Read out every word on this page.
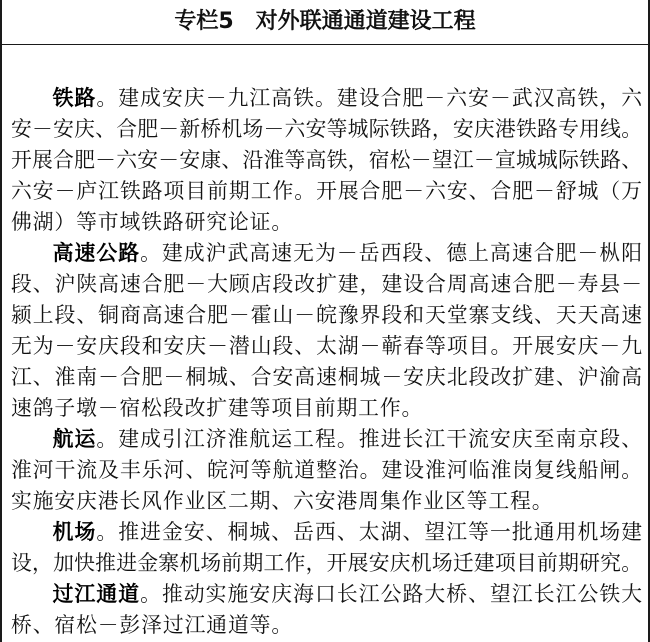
专栏5 对外联通通道建设工程
铁路。建成安庆－九江高铁。建设合肥－六安－武汉高铁，六
安－安庆、合肥－新桥机场－六安等城际铁路，安庆港铁路专用线。
开展合肥－六安－安康、沿淮等高铁，宿松－望江－宣城城际铁路、
六安－庐江铁路项目前期工作。开展合肥－六安、合肥－舒城（万
佛湖）等市域铁路研究论证。
高速公路。建成沪武高速无为－岳西段、德上高速合肥－枞阳
段、沪陕高速合肥－大顾店段改扩建，建设合周高速合肥－寿县－
颍上段、铜商高速合肥－霍山－皖豫界段和天堂寨支线、天天高速
无为－安庆段和安庆－潜山段、太湖－蕲春等项目。开展安庆－九
江、淮南－合肥－桐城、合安高速桐城－安庆北段改扩建、沪渝高
速鸽子墩－宿松段改扩建等项目前期工作。
航运。建成引江济淮航运工程。推进长江干流安庆至南京段、
淮河干流及丰乐河、皖河等航道整治。建设淮河临淮岗复线船闸。
实施安庆港长风作业区二期、六安港周集作业区等工程。
机场。推进金安、桐城、岳西、太湖、望江等一批通用机场建
设，加快推进金寨机场前期工作，开展安庆机场迁建项目前期研究。
过江通道。推动实施安庆海口长江公路大桥、望江长江公铁大
桥、宿松－彭泽过江通道等。
